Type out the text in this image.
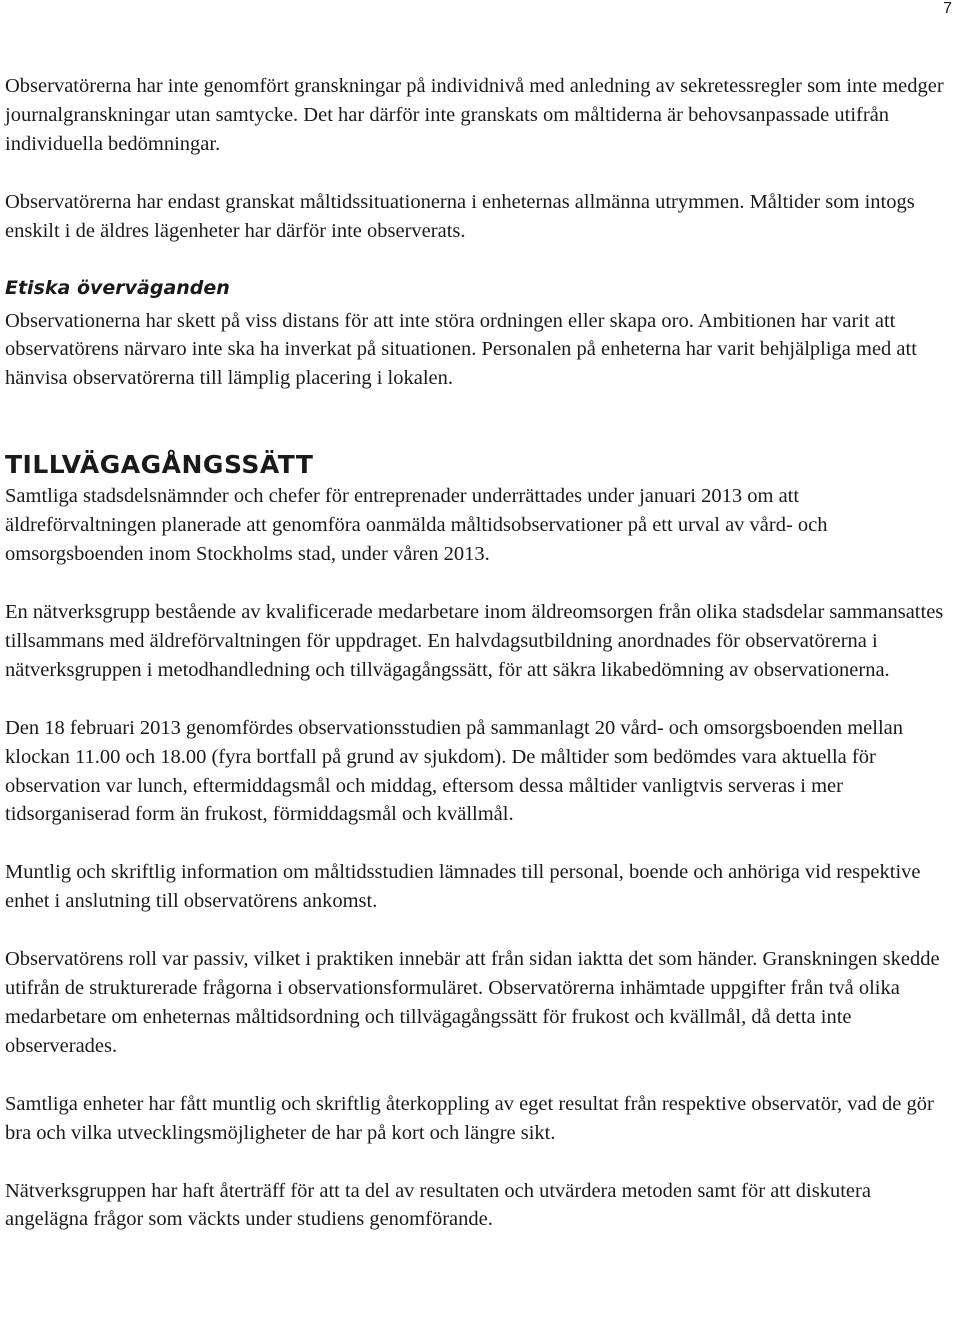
7

Observatörerna har inte genomfört granskningar på individnivå med anledning av sekretessregler som inte medger journalgranskningar utan samtycke. Det har därför inte granskats om måltiderna är behovsanpassade utifrån individuella bedömningar.

Observatörerna har endast granskat måltidssituationerna i enheternas allmänna utrymmen. Måltider som intogs enskilt i de äldres lägenheter har därför inte observerats.

Etiska överväganden

Observationerna har skett på viss distans för att inte störa ordningen eller skapa oro. Ambitionen har varit att observatörens närvaro inte ska ha inverkat på situationen. Personalen på enheterna har varit behjälpliga med att hänvisa observatörerna till lämplig placering i lokalen.

TILLVÄGAGÅNGSSÄTT

Samtliga stadsdelsnämnder och chefer för entreprenader underrättades under januari 2013 om att äldreförvaltningen planerade att genomföra oanmälda måltidsobservationer på ett urval av vård- och omsorgsboenden inom Stockholms stad, under våren 2013.

En nätverksgrupp bestående av kvalificerade medarbetare inom äldreomsorgen från olika stadsdelar sammansattes tillsammans med äldreförvaltningen för uppdraget. En halvdagsutbildning anordnades för observatörerna i nätverksgruppen i metodhandledning och tillvägagångssätt, för att säkra likabedömning av observationerna.

Den 18 februari 2013 genomfördes observationsstudien på sammanlagt 20 vård- och omsorgsboenden mellan klockan 11.00 och 18.00 (fyra bortfall på grund av sjukdom). De måltider som bedömdes vara aktuella för observation var lunch, eftermiddagsmål och middag, eftersom dessa måltider vanligtvis serveras i mer tidsorganiserad form än frukost, förmiddagsmål och kvällmål.

Muntlig och skriftlig information om måltidsstudien lämnades till personal, boende och anhöriga vid respektive enhet i anslutning till observatörens ankomst.

Observatörens roll var passiv, vilket i praktiken innebär att från sidan iaktta det som händer. Granskningen skedde utifrån de strukturerade frågorna i observationsformuläret. Observatörerna inhämtade uppgifter från två olika medarbetare om enheternas måltidsordning och tillvägagångssätt för frukost och kvällmål, då detta inte observerades.

Samtliga enheter har fått muntlig och skriftlig återkoppling av eget resultat från respektive observatör, vad de gör bra och vilka utvecklingsmöjligheter de har på kort och längre sikt.

Nätverksgruppen har haft återträff för att ta del av resultaten och utvärdera metoden samt för att diskutera angelägna frågor som väckts under studiens genomförande.
